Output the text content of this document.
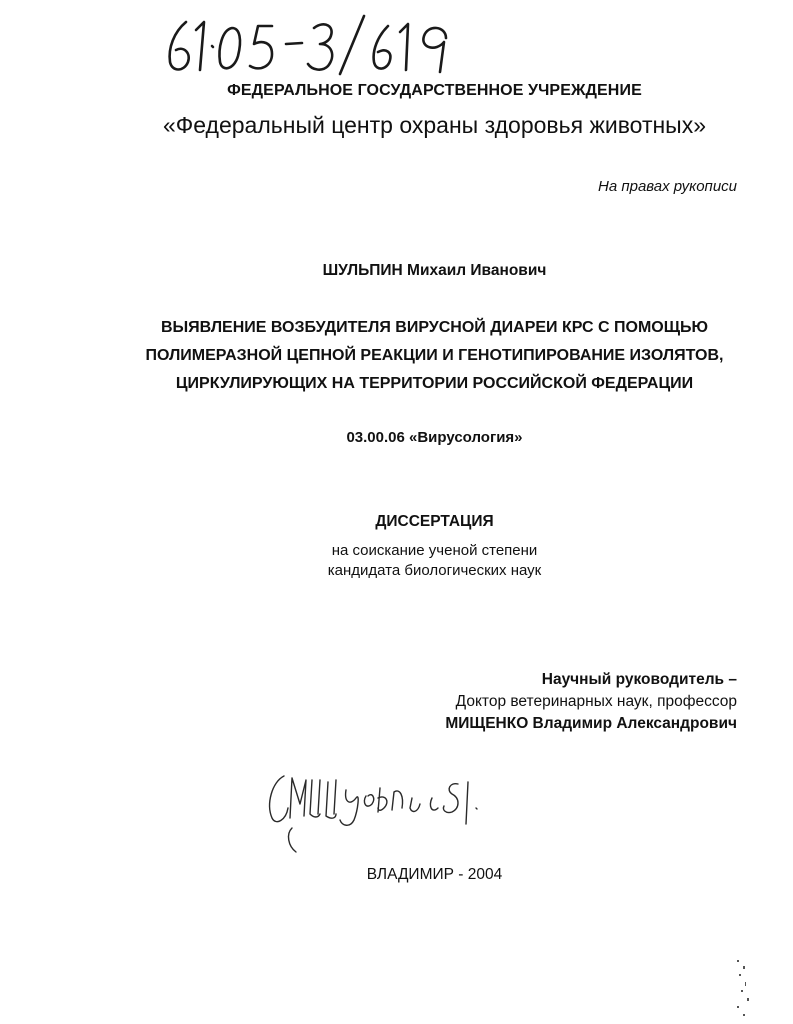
ФЕДЕРАЛЬНОЕ ГОСУДАРСТВЕННОЕ УЧРЕЖДЕНИЕ
«Федеральный центр охраны здоровья животных»
На правах рукописи
ШУЛЬПИН Михаил Иванович
ВЫЯВЛЕНИЕ ВОЗБУДИТЕЛЯ ВИРУСНОЙ ДИАРЕИ КРС С ПОМОЩЬЮ
ПОЛИМЕРАЗНОЙ ЦЕПНОЙ РЕАКЦИИ И ГЕНОТИПИРОВАНИЕ ИЗОЛЯТОВ,
ЦИРКУЛИРУЮЩИХ НА ТЕРРИТОРИИ РОССИЙСКОЙ ФЕДЕРАЦИИ
03.00.06 «Вирусология»
ДИССЕРТАЦИЯ
на соискание ученой степени
кандидата биологических наук
Научный руководитель –
Доктор ветеринарных наук, профессор
МИЩЕНКО Владимир Александрович
ВЛАДИМИР - 2004
